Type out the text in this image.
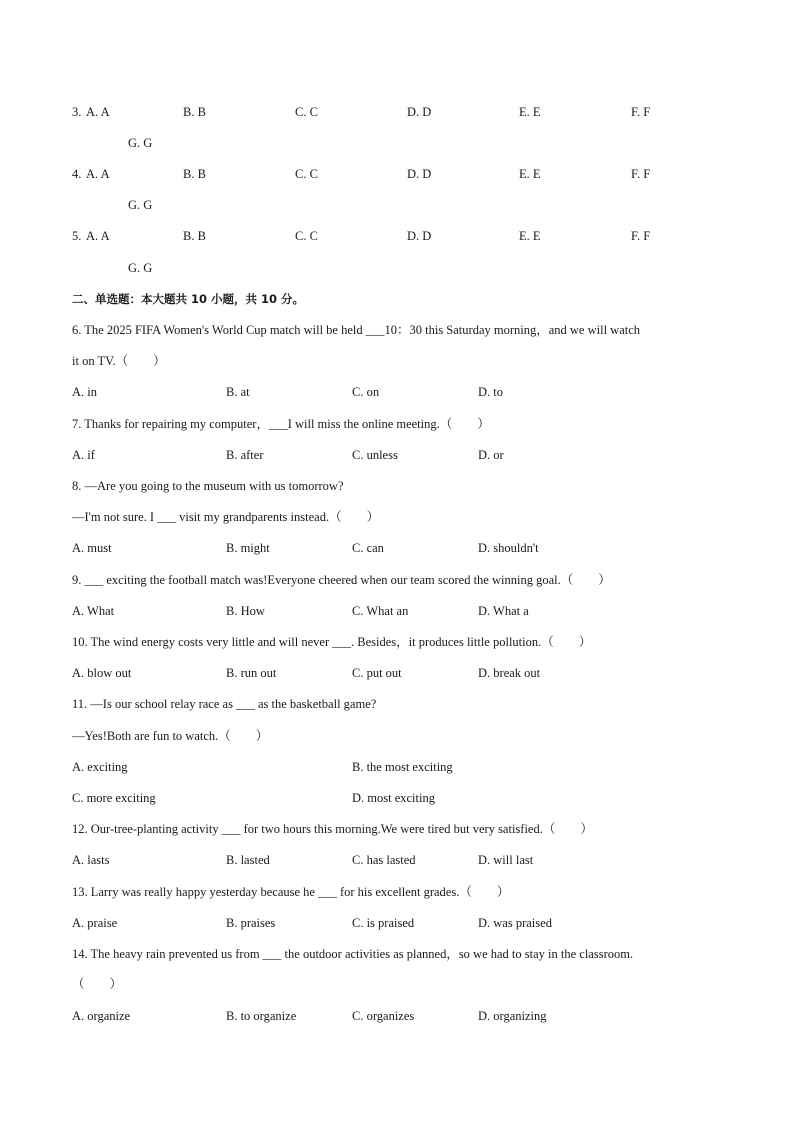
3. A. A	B. B	C. C	D. D	E. E	F. F
G. G
4. A. A	B. B	C. C	D. D	E. E	F. F
G. G
5. A. A	B. B	C. C	D. D	E. E	F. F
G. G
二、单选题：本大题共 10 小题，共 10 分。
6. The 2025 FIFA Women's World Cup match will be held ___10：30 this Saturday morning，and we will watch
it on TV.（　　）
A. in	B. at	C. on	D. to
7. Thanks for repairing my computer，___I will miss the online meeting.（　　）
A. if	B. after	C. unless	D. or
8. —Are you going to the museum with us tomorrow?
—I'm not sure. I ___ visit my grandparents instead.（　　）
A. must	B. might	C. can	D. shouldn't
9. ___ exciting the football match was!Everyone cheered when our team scored the winning goal.（　　）
A. What	B. How	C. What an	D. What a
10. The wind energy costs very little and will never ___. Besides，it produces little pollution.（　　）
A. blow out	B. run out	C. put out	D. break out
11. —Is our school relay race as ___ as the basketball game?
—Yes!Both are fun to watch.（　　）
A. exciting	B. the most exciting
C. more exciting	D. most exciting
12. Our-tree-planting activity ___ for two hours this morning.We were tired but very satisfied.（　　）
A. lasts	B. lasted	C. has lasted	D. will last
13. Larry was really happy yesterday because he ___ for his excellent grades.（　　）
A. praise	B. praises	C. is praised	D. was praised
14. The heavy rain prevented us from ___ the outdoor activities as planned，so we had to stay in the classroom.
（　　）
A. organize	B. to organize	C. organizes	D. organizing
